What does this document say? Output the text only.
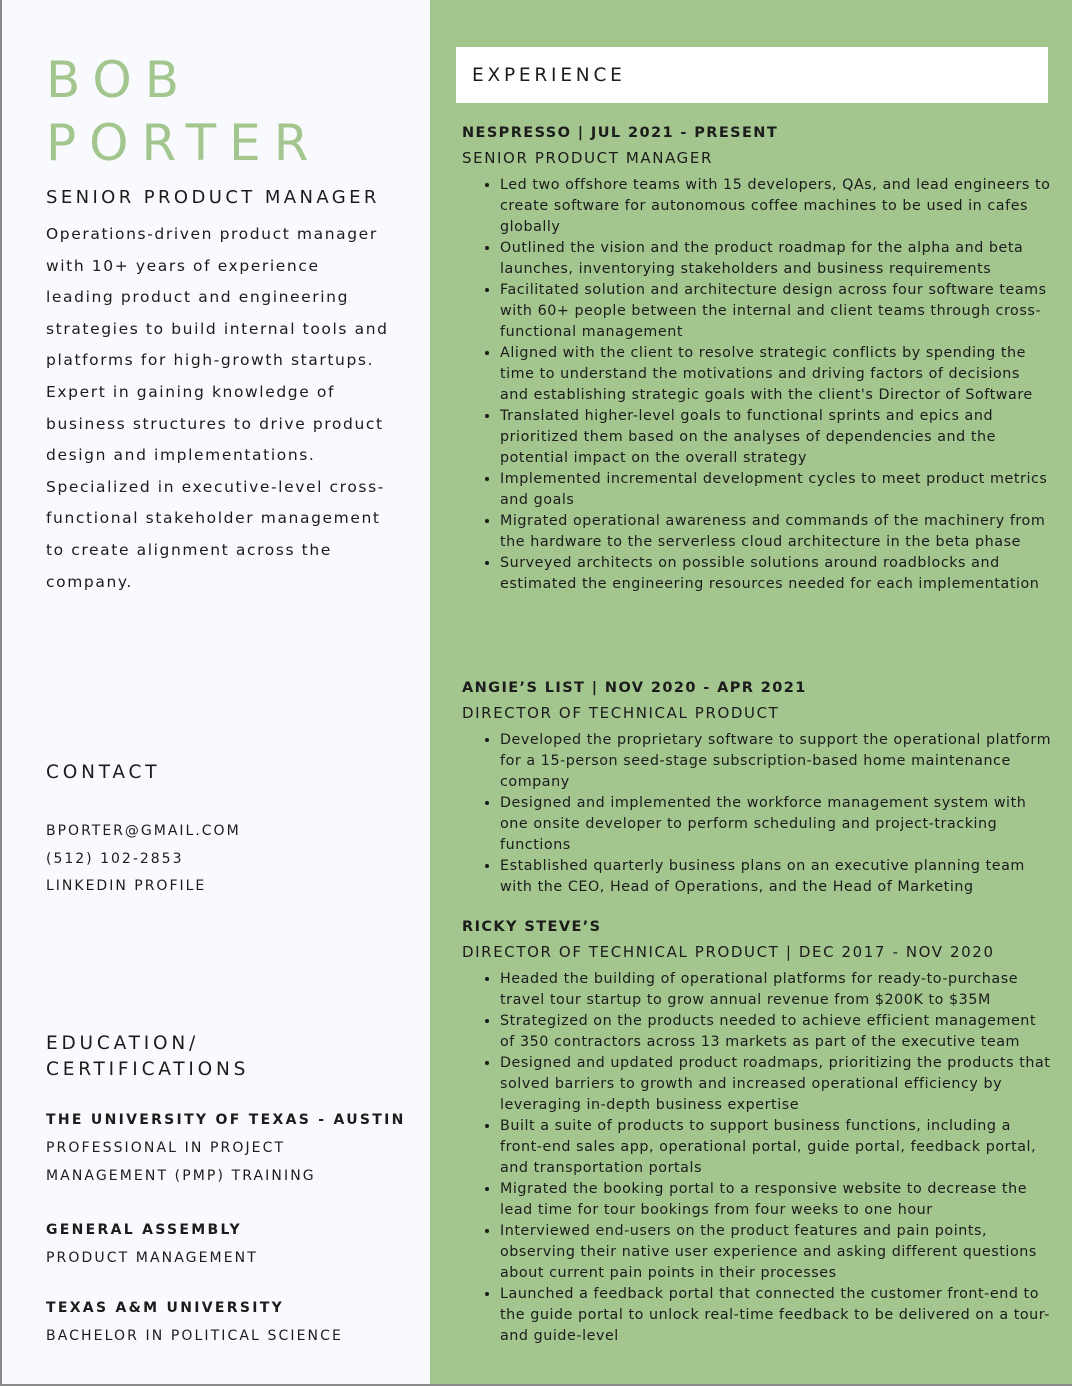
BOB
PORTER
SENIOR PRODUCT MANAGER

Operations-driven product manager with 10+ years of experience leading product and engineering strategies to build internal tools and platforms for high-growth startups. Expert in gaining knowledge of business structures to drive product design and implementations. Specialized in executive-level cross-functional stakeholder management to create alignment across the company.

CONTACT
BPORTER@GMAIL.COM
(512) 102-2853
LINKEDIN PROFILE
EDUCATION/
CERTIFICATIONS
THE UNIVERSITY OF TEXAS - AUSTIN
PROFESSIONAL IN PROJECT MANAGEMENT (PMP) TRAINING
GENERAL ASSEMBLY
PRODUCT MANAGEMENT
TEXAS A&M UNIVERSITY
BACHELOR IN POLITICAL SCIENCE
EXPERIENCE
NESPRESSO | JUL 2021 - PRESENT
SENIOR PRODUCT MANAGER
• Led two offshore teams with 15 developers, QAs, and lead engineers to create software for autonomous coffee machines to be used in cafes globally
• Outlined the vision and the product roadmap for the alpha and beta launches, inventorying stakeholders and business requirements
• Facilitated solution and architecture design across four software teams with 60+ people between the internal and client teams through cross-functional management
• Aligned with the client to resolve strategic conflicts by spending the time to understand the motivations and driving factors of decisions and establishing strategic goals with the client's Director of Software
• Translated higher-level goals to functional sprints and epics and prioritized them based on the analyses of dependencies and the potential impact on the overall strategy
• Implemented incremental development cycles to meet product metrics and goals
• Migrated operational awareness and commands of the machinery from the hardware to the serverless cloud architecture in the beta phase
• Surveyed architects on possible solutions around roadblocks and estimated the engineering resources needed for each implementation
ANGIE’S LIST | NOV 2020 - APR 2021
DIRECTOR OF TECHNICAL PRODUCT
• Developed the proprietary software to support the operational platform for a 15-person seed-stage subscription-based home maintenance company
• Designed and implemented the workforce management system with one onsite developer to perform scheduling and project-tracking functions
• Established quarterly business plans on an executive planning team with the CEO, Head of Operations, and the Head of Marketing
RICKY STEVE’S
DIRECTOR OF TECHNICAL PRODUCT | DEC 2017 - NOV 2020
• Headed the building of operational platforms for ready-to-purchase travel tour startup to grow annual revenue from $200K to $35M
• Strategized on the products needed to achieve efficient management of 350 contractors across 13 markets as part of the executive team
• Designed and updated product roadmaps, prioritizing the products that solved barriers to growth and increased operational efficiency by leveraging in-depth business expertise
• Built a suite of products to support business functions, including a front-end sales app, operational portal, guide portal, feedback portal, and transportation portals
• Migrated the booking portal to a responsive website to decrease the lead time for tour bookings from four weeks to one hour
• Interviewed end-users on the product features and pain points, observing their native user experience and asking different questions about current pain points in their processes
• Launched a feedback portal that connected the customer front-end to the guide portal to unlock real-time feedback to be delivered on a tour- and guide-level
